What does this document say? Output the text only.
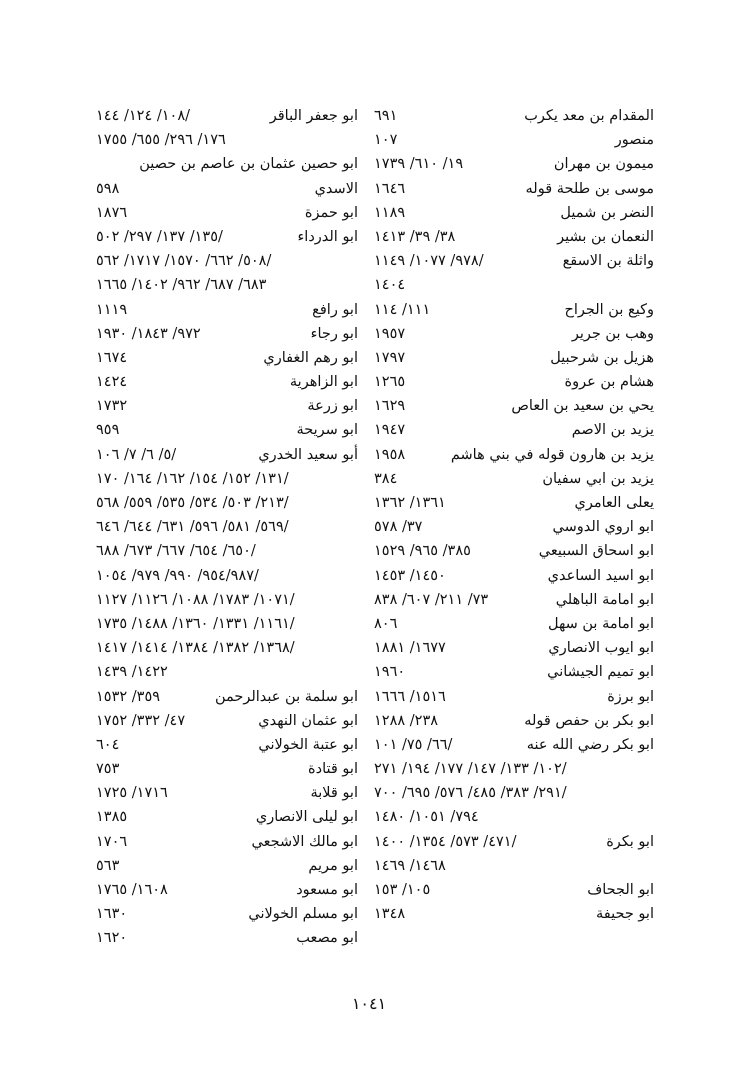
المقدام بن معد يكرب
٦٩١
منصور
١٠٧
ميمون بن مهران
١٩/ ٦١٠/ ١٧٣٩
موسى بن طلحة قوله
١٦٤٦
النضر بن شميل
١١٨٩
النعمان بن بشير
٣٨/ ٣٩/ ١٤١٣
واثلة بن الاسقع
٩٧٨/ ١٠٧٧/ ١١٤٩/
١٤٠٤
وكيع بن الجراح
١١١/ ١١٤
وهب بن جرير
١٩٥٧
هزيل بن شرحبيل
١٧٩٧
هشام بن عروة
١٢٦٥
يحي بن سعيد بن العاص
١٦٢٩
يزيد بن الاصم
١٩٤٧
يزيد بن هارون قوله في بني هاشم
١٩٥٨
يزيد بن ابي سفيان
٣٨٤
يعلى العامري
١٣٦١/ ١٣٦٢
ابو اروي الدوسي
٣٧/ ٥٧٨
ابو اسحاق السبيعي
٣٨٥/ ٩٦٥/ ١٥٢٩
ابو اسيد الساعدي
١٤٥٠/ ١٤٥٣
ابو امامة الباهلي
٧٣/ ٢١١/ ٦٠٧/ ٨٣٨
ابو امامة بن سهل
٨٠٦
ابو ايوب الانصاري
١٦٧٧/ ١٨٨١
ابو تميم الجيشاني
١٩٦٠
ابو برزة
١٥١٦/ ١٦٦٦
ابو بكر بن حفص قوله
٢٣٨/ ١٢٨٨
ابو بكر رضي الله عنه
٦٦/ ٧٥/ ١٠١/
١٠٢/ ١٣٣/ ١٤٧/ ١٧٧/ ١٩٤/ ٢٧١/
٢٩١/ ٣٨٣/ ٤٨٥/ ٥٧٦/ ٦٩٥/ ٧٠٠/
٧٩٤/ ١٠٥١/ ١٤٨٠
ابو بكرة
٤٧١/ ٥٧٣/ ١٣٥٤/ ١٤٠٠/
١٤٦٨/ ١٤٦٩
ابو الجحاف
١٠٥/ ١٥٣
ابو جحيفة
١٣٤٨
ابو جعفر الباقر
١٠٨/ ١٢٤/ ١٤٤/
١٧٦/ ٢٩٦/ ٦٥٥/ ١٧٥٥
ابو حصين عثمان بن عاصم بن حصين
الاسدي
٥٩٨
ابو حمزة
١٨٧٦
ابو الدرداء
١٣٥/ ١٣٧/ ٢٩٧/ ٥٠٢/
٥٠٨/ ٦٦٢/ ١٥٧٠/ ١٧١٧/ ٥٦٢/
٦٨٣/ ٦٨٧/ ٩٦٢/ ١٤٠٢/ ١٦٦٥
ابو رافع
١١١٩
ابو رجاء
٩٧٢/ ١٨٤٣/ ١٩٣٠
ابو رهم الغفاري
١٦٧٤
ابو الزاهرية
١٤٢٤
ابو زرعة
١٧٣٢
ابو سريحة
٩٥٩
أبو سعيد الخدري
٥/ ٦/ ٧/ ١٠٦/
١٣١/ ١٥٢/ ١٥٤/ ١٦٢/ ١٦٤/ ١٧٠/
٢١٣/ ٥٠٣/ ٥٣٤/ ٥٣٥/ ٥٥٩/ ٥٦٨/
٥٦٩/ ٥٨١/ ٥٩٦/ ٦٣١/ ٦٤٤/ ٦٤٦/
٦٥٠/ ٦٥٤/ ٦٦٧/ ٦٧٣/ ٦٨٨/
٩٥٤/٩٨٧/ ٩٩٠/ ٩٧٩/ ١٠٥٤/
١٠٧١/ ١٧٨٣/ ١٠٨٨/ ١١٢٦/ ١١٢٧/
١١٦١/ ١٣٣١/ ١٣٦٠/ ١٤٨٨/ ١٧٣٥/
١٣٦٨/ ١٣٨٢/ ١٣٨٤/ ١٤١٤/ ١٤١٧/
١٤٢٢/ ١٤٣٩
ابو سلمة بن عبدالرحمن
٣٥٩/ ١٥٣٢
ابو عثمان النهدي
٤٧/ ٣٣٢/ ١٧٥٢
ابو عتبة الخولاني
٦٠٤
ابو قتادة
٧٥٣
ابو قلابة
١٧١٦/ ١٧٢٥
ابو ليلى الانصاري
١٣٨٥
ابو مالك الاشجعي
١٧٠٦
ابو مريم
٥٦٣
ابو مسعود
١٦٠٨/ ١٧٦٥
ابو مسلم الخولاني
١٦٣٠
ابو مصعب
١٦٢٠
١٠٤١
